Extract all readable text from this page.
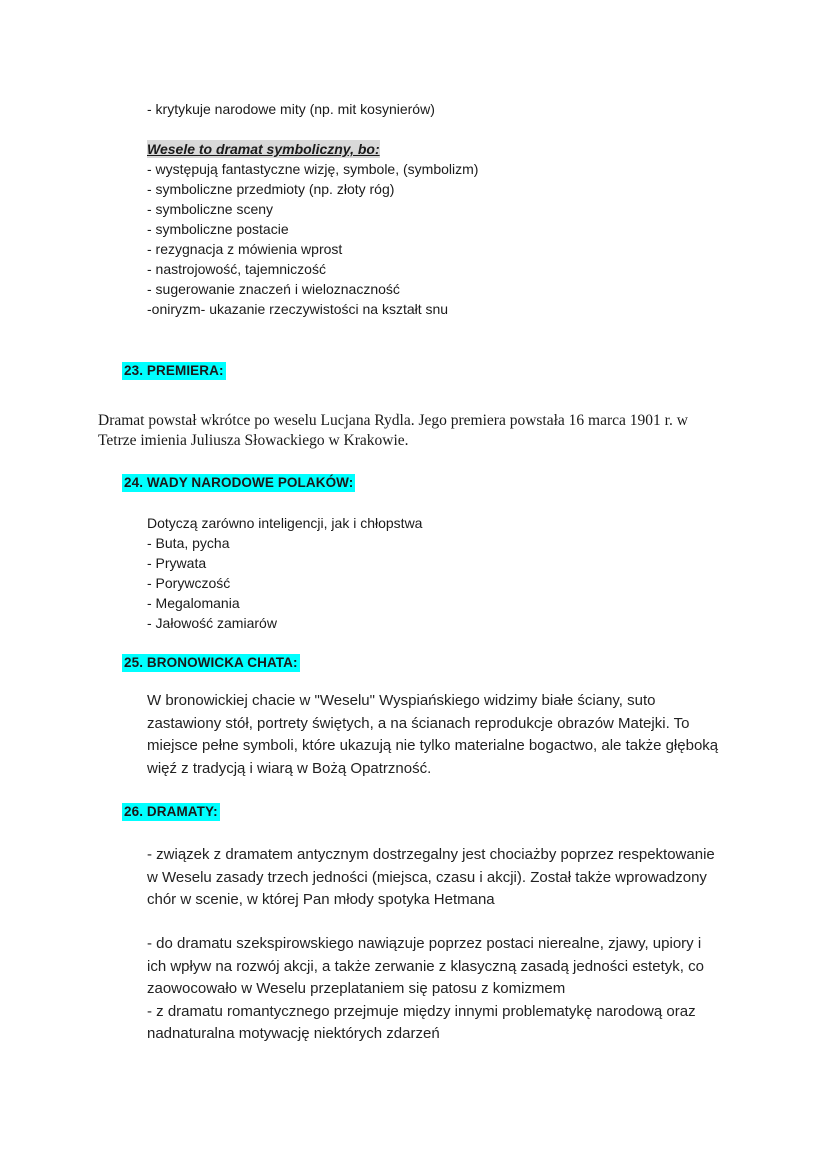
- krytykuje narodowe mity (np. mit kosynierów)
Wesele to dramat symboliczny, bo:
- występują fantastyczne wizję, symbole, (symbolizm)
- symboliczne przedmioty (np. złoty róg)
- symboliczne sceny
- symboliczne postacie
- rezygnacja z mówienia wprost
- nastrojowość, tajemniczość
- sugerowanie znaczeń i wieloznaczność
-oniryzm- ukazanie rzeczywistości na kształt snu
23. PREMIERA:
Dramat powstał wkrótce po weselu Lucjana Rydla. Jego premiera powstała 16 marca 1901 r. w
Tetrze imienia Juliusza Słowackiego w Krakowie.
24. WADY NARODOWE POLAKÓW:
Dotyczą zarówno inteligencji, jak i chłopstwa
- Buta, pycha
- Prywata
- Porywczość
- Megalomania
- Jałowość zamiarów
25. BRONOWICKA CHATA:
W bronowickiej chacie w "Weselu" Wyspiańskiego widzimy białe ściany, suto
zastawiony stół, portrety świętych, a na ścianach reprodukcje obrazów Matejki. To
miejsce pełne symboli, które ukazują nie tylko materialne bogactwo, ale także głęboką
więź z tradycją i wiarą w Bożą Opatrzność.
26. DRAMATY:
- związek z dramatem antycznym dostrzegalny jest chociażby poprzez respektowanie
w Weselu zasady trzech jedności (miejsca, czasu i akcji). Został także wprowadzony
chór w scenie, w której Pan młody spotyka Hetmana
- do dramatu szekspirowskiego nawiązuje poprzez postaci nierealne, zjawy, upiory i
ich wpływ na rozwój akcji, a także zerwanie z klasyczną zasadą jedności estetyk, co
zaowocowało w Weselu przeplataniem się patosu z komizmem
- z dramatu romantycznego przejmuje między innymi problematykę narodową oraz
nadnaturalna motywację niektórych zdarzeń
